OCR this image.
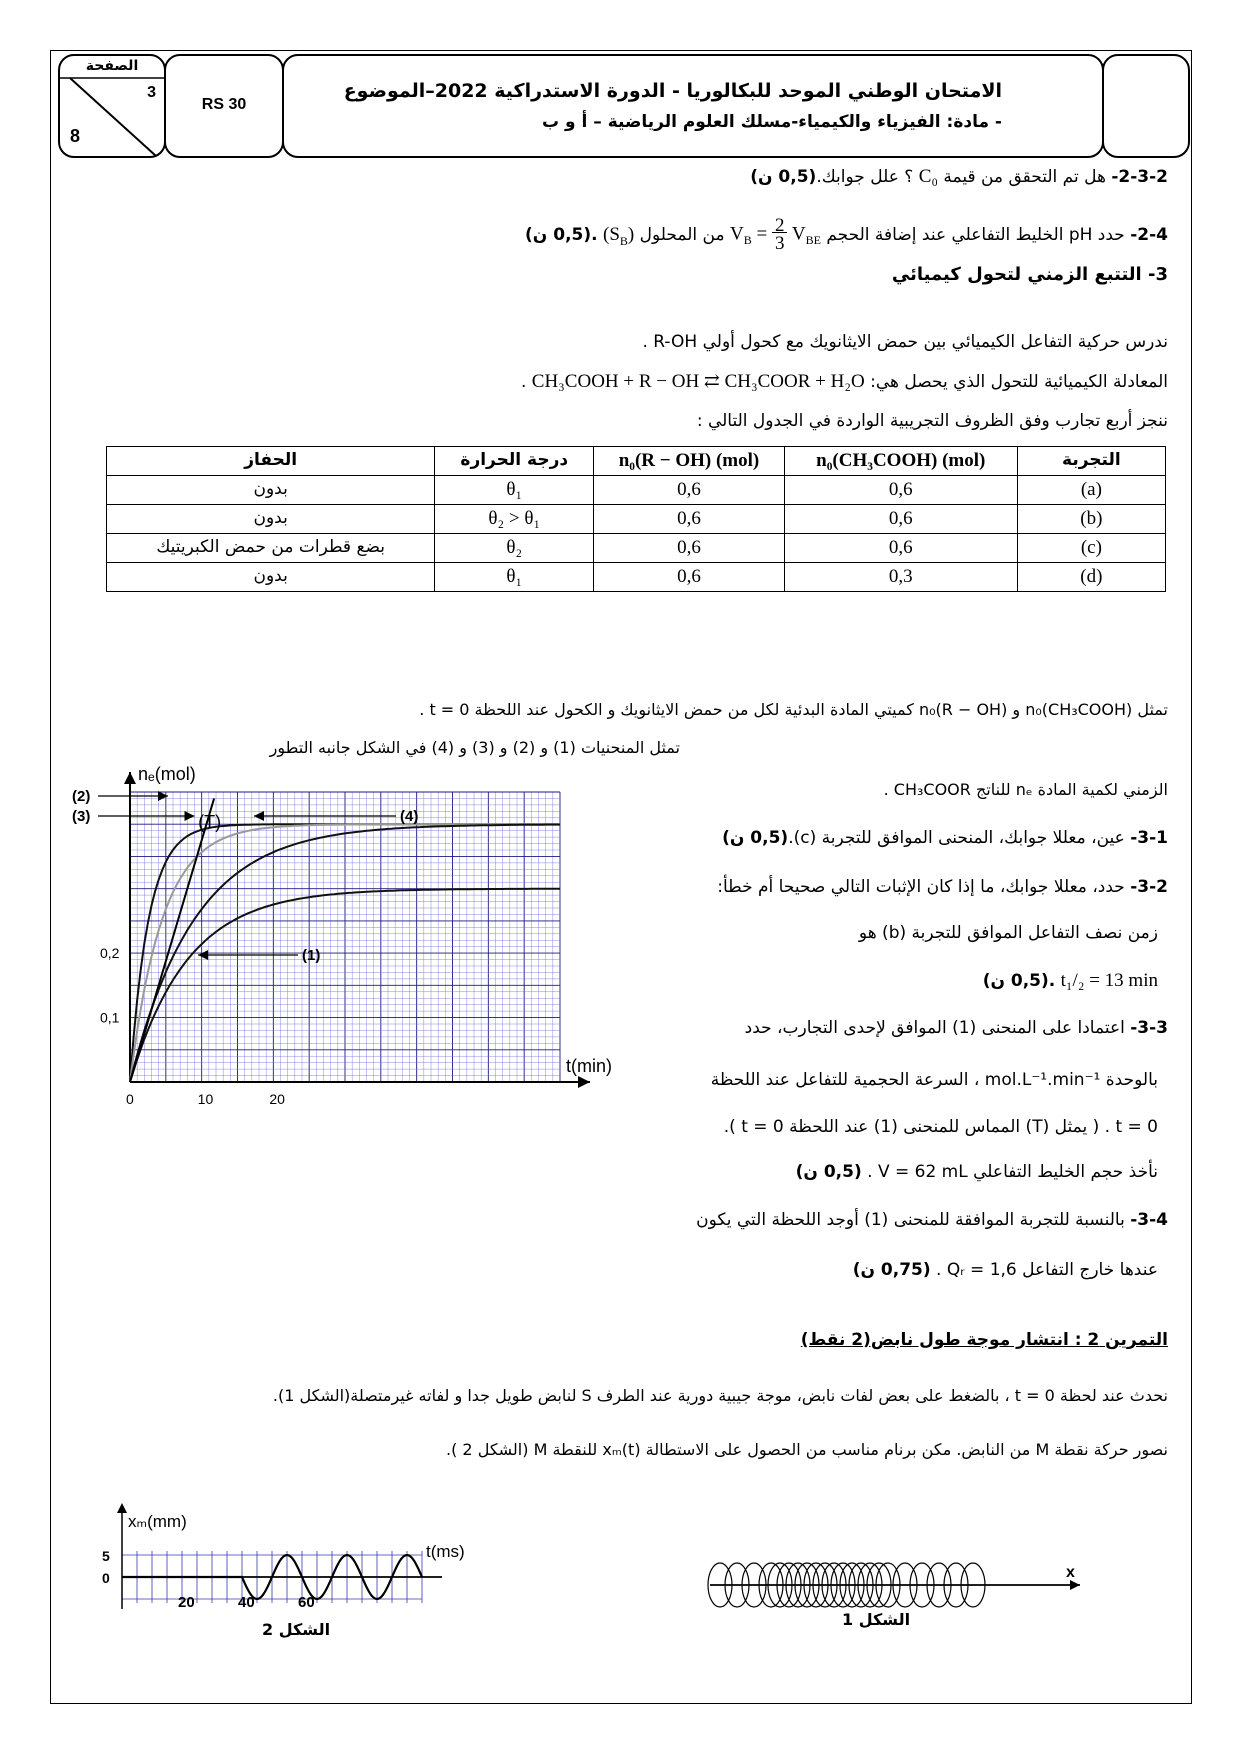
الصفحة
3
8
RS 30
الامتحان الوطني الموحد للبكالوريا - الدورة الاستدراكية 2022–الموضوع
- مادة: الفيزياء والكيمياء-مسلك العلوم الرياضية – أ و ب
2-3-2- هل تم التحقق من قيمة C₀ ؟ علل جوابك.(0,5 ن)
2-4- حدد pH الخليط التفاعلي عند إضافة الحجم $V_B = 2$
3 $V_{BE}$ من المحلول $(S_B)$ .(0,5 ن)
3- التتبع الزمني لتحول كيميائي
ندرس حركية التفاعل الكيميائي بين حمض الايثانويك مع كحول أولي R-OH .
المعادلة الكيميائية للتحول الذي يحصل هي: CH₃COOH + R − OH ⇄ CH₃COOR + H₂O .
ننجز أربع تجارب وفق الظروف التجريبية الواردة في الجدول التالي :
التجربة	n₀(CH₃COOH) (mol)	n₀(R − OH) (mol)	درجة الحرارة	الحفاز
(a)	0,6	0,6	θ₁	بدون
(b)	0,6	0,6	θ₂ > θ₁	بدون
(c)	0,6	0,6	θ₂	بضع قطرات من حمض الكبريتيك
(d)	0,3	0,6	θ₁	بدون
تمثل n₀(CH₃COOH) و n₀(R − OH) كميتي المادة البدئية لكل من حمض الايثانويك و الكحول عند اللحظة t = 0 .
تمثل المنحنيات (1) و (2) و (3) و (4) في الشكل جانبه التطور
الزمني لكمية المادة nₑ للناتج CH₃COOR .
3-1- عين، معللا جوابك، المنحنى الموافق للتجربة (c).(0,5 ن)
3-2- حدد، معللا جوابك، ما إذا كان الإثبات التالي صحيحا أم خطأ:
زمن نصف التفاعل الموافق للتجربة (b) هو
t₁/₂ = 13 min .(0,5 ن)
3-3- اعتمادا على المنحنى (1) الموافق لإحدى التجارب، حدد
بالوحدة mol.L⁻¹.min⁻¹ ، السرعة الحجمية للتفاعل عند اللحظة
t = 0 . ( يمثل (T) المماس للمنحنى (1) عند اللحظة t = 0 ).
نأخذ حجم الخليط التفاعلي V = 62 mL . (0,5 ن)
3-4- بالنسبة للتجربة الموافقة للمنحنى (1) أوجد اللحظة التي يكون
عندها خارج التفاعل Qᵣ = 1,6 . (0,75 ن)
التمرين 2 : انتشار موجة طول نابض(2 نقط)
نحدث عند لحظة t = 0 ، بالضغط على بعض لفات نابض، موجة جيبية دورية عند الطرف S لنابض طويل جدا و لفاته غيرمتصلة(الشكل 1).
نصور حركة نقطة M من النابض. مكن برنام مناسب من الحصول على الاستطالة xₘ(t) للنقطة M (الشكل 2 ).
nₑ(mol)
t(min)
0	10	20
0,1
0,2
(T)
(2)
(3)	(4)
(1)
xₘ(mm)
t(ms)
5
0
20	40	60
الشكل 2
x
الشكل 1
